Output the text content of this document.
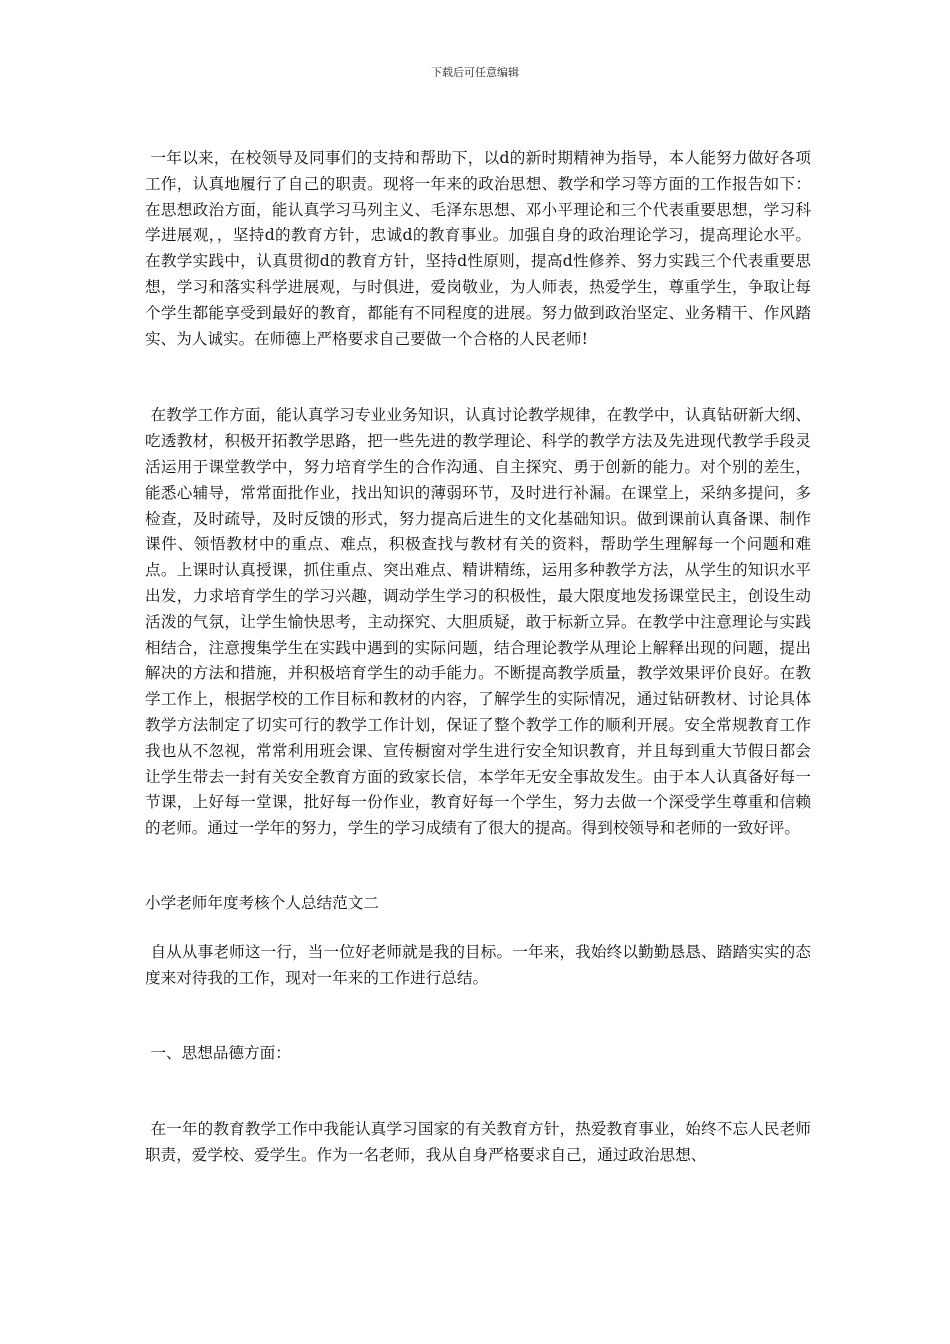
下载后可任意编辑

一年以来，在校领导及同事们的支持和帮助下，以d的新时期精神为指导，本人能努力做好各项工作，认真地履行了自己的职责。现将一年来的政治思想、教学和学习等方面的工作报告如下：在思想政治方面，能认真学习马列主义、毛泽东思想、邓小平理论和三个代表重要思想，学习科学进展观，，坚持d的教育方针，忠诚d的教育事业。加强自身的政治理论学习，提高理论水平。在教学实践中，认真贯彻d的教育方针，坚持d性原则，提高d性修养、努力实践三个代表重要思想，学习和落实科学进展观，与时俱进，爱岗敬业，为人师表，热爱学生，尊重学生，争取让每个学生都能享受到最好的教育，都能有不同程度的进展。努力做到政治坚定、业务精干、作风踏实、为人诚实。在师德上严格要求自己要做一个合格的人民老师!

在教学工作方面，能认真学习专业业务知识，认真讨论教学规律，在教学中，认真钻研新大纲、吃透教材，积极开拓教学思路，把一些先进的教学理论、科学的教学方法及先进现代教学手段灵活运用于课堂教学中，努力培育学生的合作沟通、自主探究、勇于创新的能力。对个别的差生，能悉心辅导，常常面批作业，找出知识的薄弱环节，及时进行补漏。在课堂上，采纳多提问，多检查，及时疏导，及时反馈的形式，努力提高后进生的文化基础知识。做到课前认真备课、制作课件、领悟教材中的重点、难点，积极查找与教材有关的资料，帮助学生理解每一个问题和难点。上课时认真授课，抓住重点、突出难点、精讲精练，运用多种教学方法，从学生的知识水平出发，力求培育学生的学习兴趣，调动学生学习的积极性，最大限度地发扬课堂民主，创设生动活泼的气氛，让学生愉快思考，主动探究、大胆质疑，敢于标新立异。在教学中注意理论与实践相结合，注意搜集学生在实践中遇到的实际问题，结合理论教学从理论上解释出现的问题，提出解决的方法和措施，并积极培育学生的动手能力。不断提高教学质量，教学效果评价良好。在教学工作上，根据学校的工作目标和教材的内容，了解学生的实际情况，通过钻研教材、讨论具体教学方法制定了切实可行的教学工作计划，保证了整个教学工作的顺利开展。安全常规教育工作我也从不忽视，常常利用班会课、宣传橱窗对学生进行安全知识教育，并且每到重大节假日都会让学生带去一封有关安全教育方面的致家长信，本学年无安全事故发生。由于本人认真备好每一节课，上好每一堂课，批好每一份作业，教育好每一个学生，努力去做一个深受学生尊重和信赖的老师。通过一学年的努力，学生的学习成绩有了很大的提高。得到校领导和老师的一致好评。

小学老师年度考核个人总结范文二

自从从事老师这一行，当一位好老师就是我的目标。一年来，我始终以勤勤恳恳、踏踏实实的态度来对待我的工作，现对一年来的工作进行总结。

一、思想品德方面：

在一年的教育教学工作中我能认真学习国家的有关教育方针，热爱教育事业，始终不忘人民老师职责，爱学校、爱学生。作为一名老师，我从自身严格要求自己，通过政治思想、
